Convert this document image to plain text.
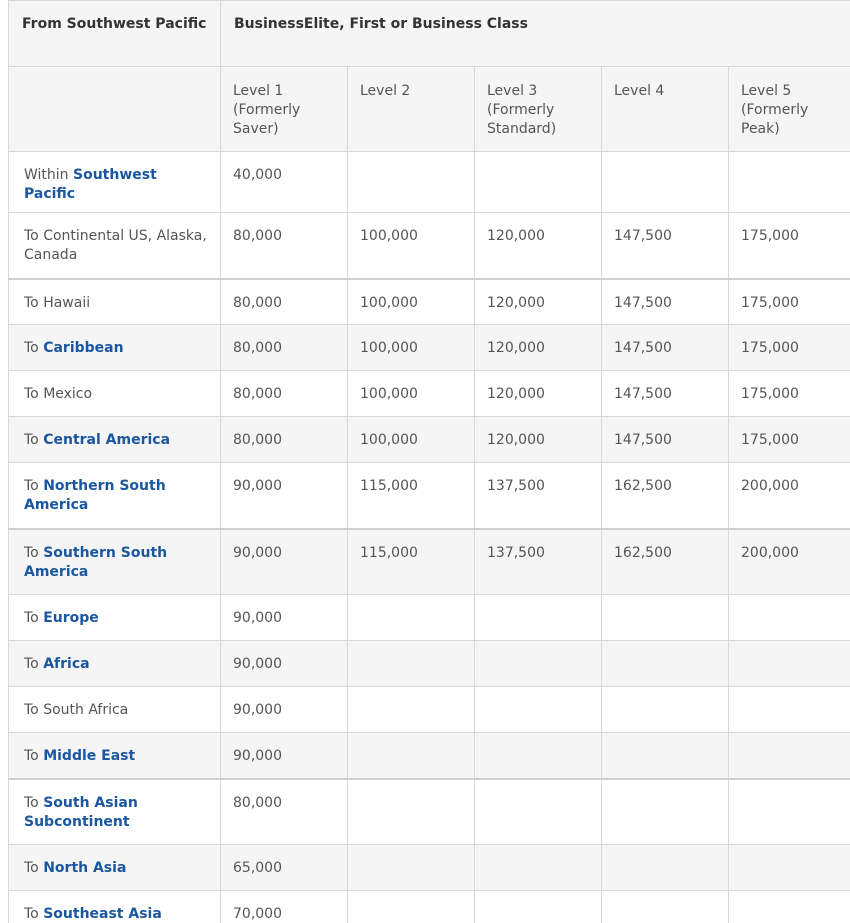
From Southwest Pacific	BusinessElite, First or Business Class				
	Level 1 (Formerly Saver)	Level 2	Level 3 (Formerly Standard)	Level 4	Level 5 (Formerly Peak)
Within Southwest Pacific	40,000				
To Continental US, Alaska, Canada	80,000	100,000	120,000	147,500	175,000
To Hawaii	80,000	100,000	120,000	147,500	175,000
To Caribbean	80,000	100,000	120,000	147,500	175,000
To Mexico	80,000	100,000	120,000	147,500	175,000
To Central America	80,000	100,000	120,000	147,500	175,000
To Northern South America	90,000	115,000	137,500	162,500	200,000
To Southern South America	90,000	115,000	137,500	162,500	200,000
To Europe	90,000				
To Africa	90,000				
To South Africa	90,000				
To Middle East	90,000				
To South Asian Subcontinent	80,000				
To North Asia	65,000				
To Southeast Asia	70,000				
